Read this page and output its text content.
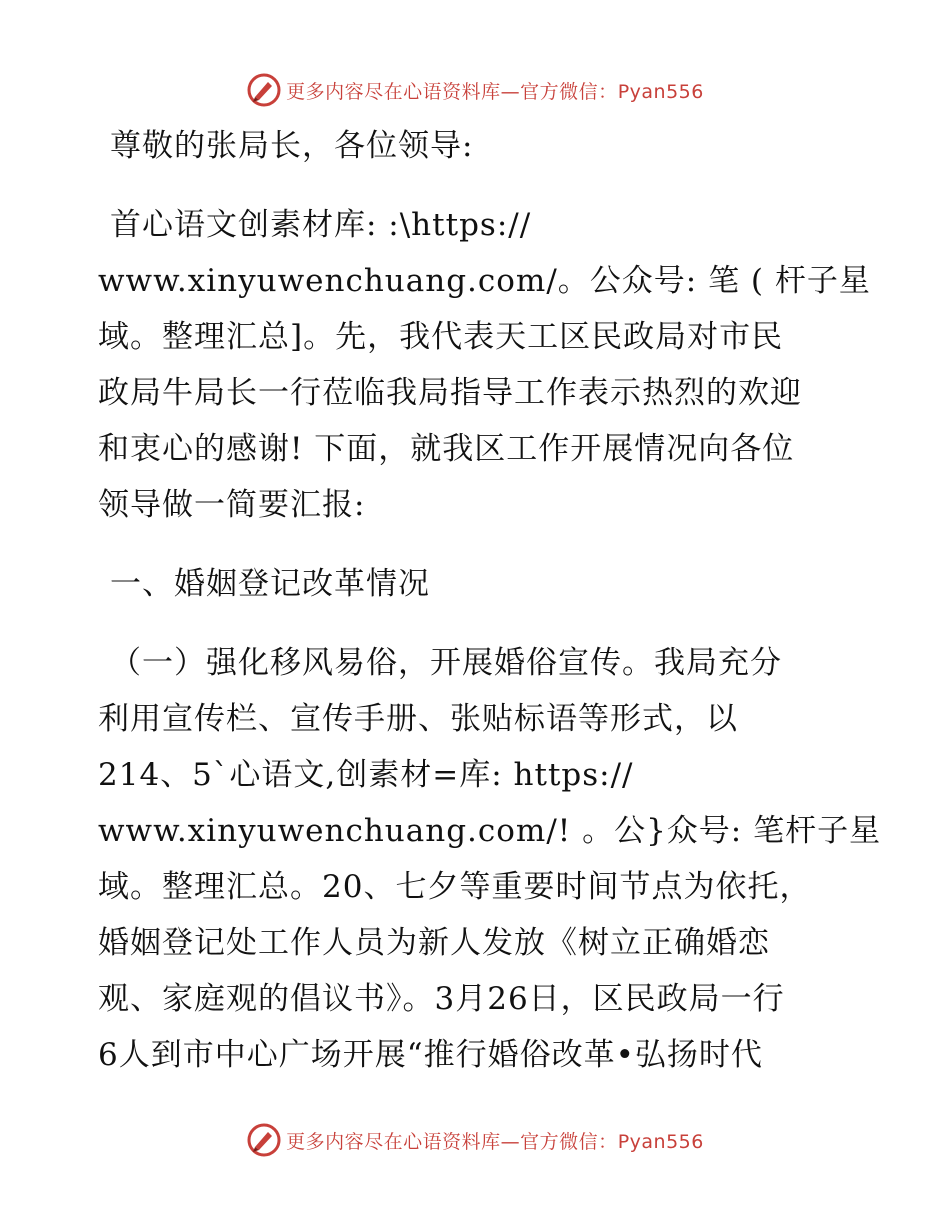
更多内容尽在心语资料库—官方微信：Pyan556
尊敬的张局长，各位领导:
首心语文创素材库: :\https://
www.xinyuwenchuang.com/。公众号: 笔 ( 杆子星
域。整理汇总]。先，我代表天工区民政局对市民
政局牛局长一行莅临我局指导工作表示热烈的欢迎
和衷心的感谢! 下面，就我区工作开展情况向各位
领导做一简要汇报:
一、婚姻登记改革情况
（一）强化移风易俗，开展婚俗宣传。我局充分
利用宣传栏、宣传手册、张贴标语等形式，以
214、5`心语文,创素材=库: https://
www.xinyuwenchuang.com/! 。公}众号: 笔杆子星
域。整理汇总。20、七夕等重要时间节点为依托，
婚姻登记处工作人员为新人发放《树立正确婚恋
观、家庭观的倡议书》。3月26日，区民政局一行
6人到市中心广场开展“推行婚俗改革•弘扬时代
更多内容尽在心语资料库—官方微信：Pyan556
